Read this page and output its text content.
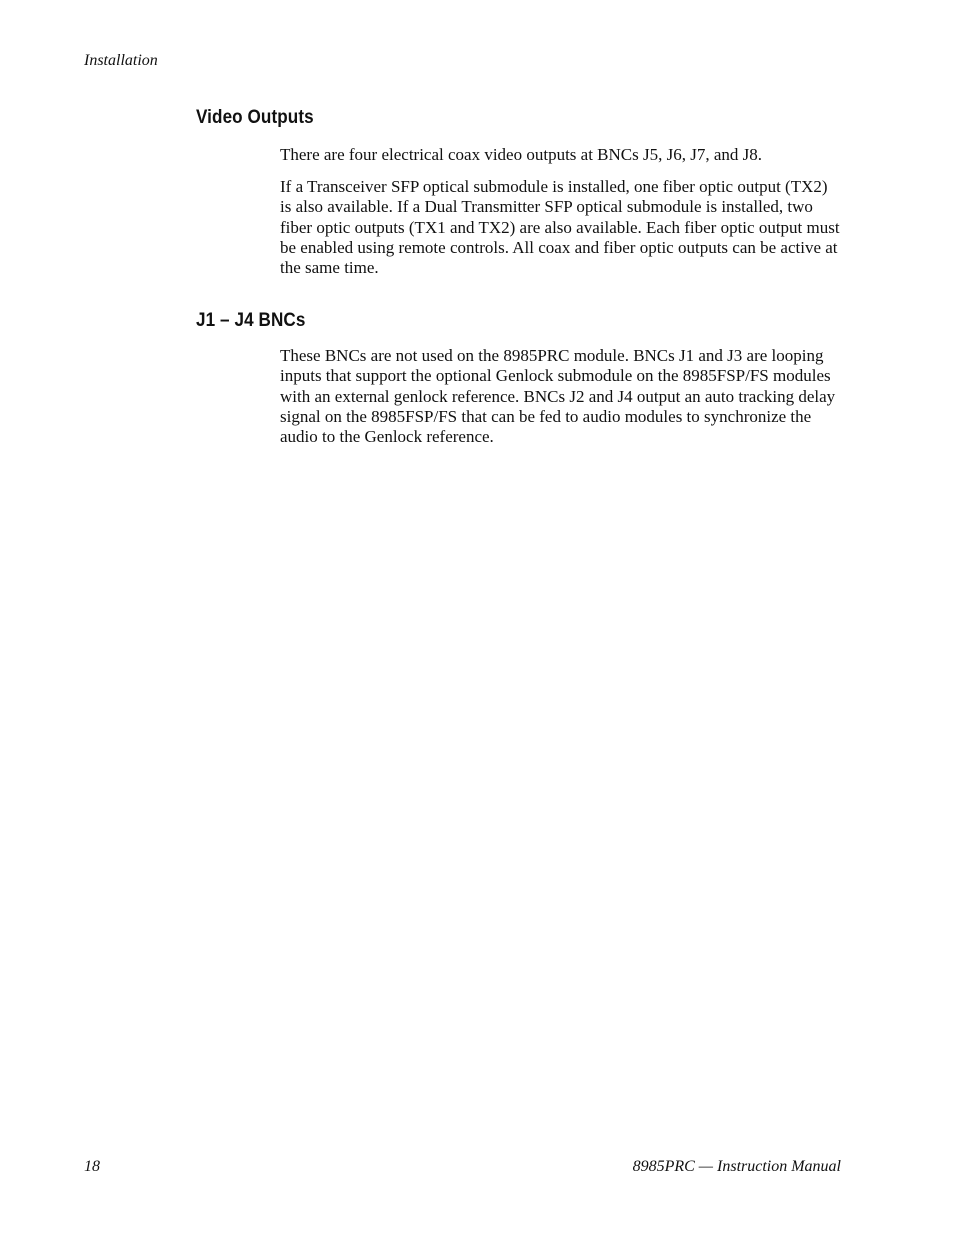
Installation
Video Outputs

There are four electrical coax video outputs at BNCs J5, J6, J7, and J8.

If a Transceiver SFP optical submodule is installed, one fiber optic output (TX2) is also available. If a Dual Transmitter SFP optical submodule is installed, two fiber optic outputs (TX1 and TX2) are also available. Each fiber optic output must be enabled using remote controls. All coax and fiber optic outputs can be active at the same time.

J1 – J4 BNCs

These BNCs are not used on the 8985PRC module. BNCs J1 and J3 are looping inputs that support the optional Genlock submodule on the 8985FSP/FS modules with an external genlock reference. BNCs J2 and J4 output an auto tracking delay signal on the 8985FSP/FS that can be fed to audio modules to synchronize the audio to the Genlock reference.

18	8985PRC — Instruction Manual
